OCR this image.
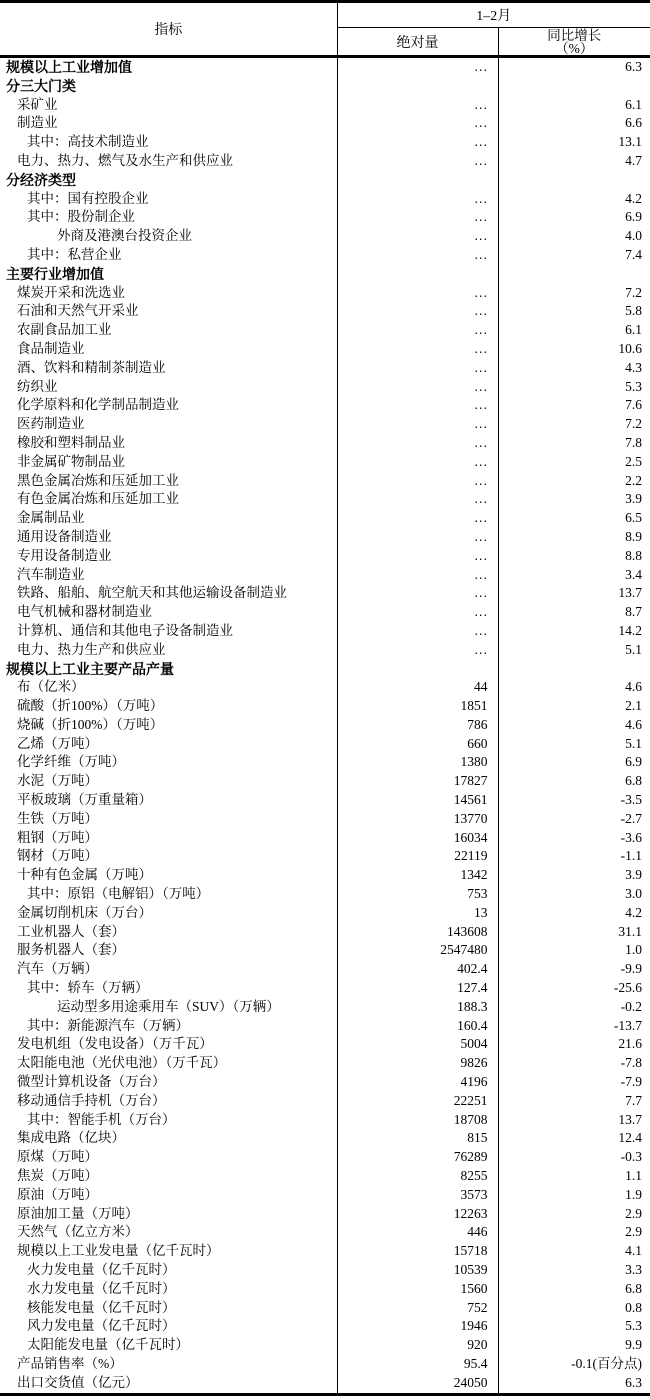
指标	1–2月	
	绝对量	同比增长
（%）

规模以上工业增加值	…	6.3
分三大门类		
采矿业	…	6.1
制造业	…	6.6
其中：高技术制造业	…	13.1
电力、热力、燃气及水生产和供应业	…	4.7
分经济类型		
其中：国有控股企业	…	4.2
其中：股份制企业	…	6.9
外商及港澳台投资企业	…	4.0
其中：私营企业	…	7.4
主要行业增加值		
煤炭开采和洗选业	…	7.2
石油和天然气开采业	…	5.8
农副食品加工业	…	6.1
食品制造业	…	10.6
酒、饮料和精制茶制造业	…	4.3
纺织业	…	5.3
化学原料和化学制品制造业	…	7.6
医药制造业	…	7.2
橡胶和塑料制品业	…	7.8
非金属矿物制品业	…	2.5
黑色金属冶炼和压延加工业	…	2.2
有色金属冶炼和压延加工业	…	3.9
金属制品业	…	6.5
通用设备制造业	…	8.9
专用设备制造业	…	8.8
汽车制造业	…	3.4
铁路、船舶、航空航天和其他运输设备制造业	…	13.7
电气机械和器材制造业	…	8.7
计算机、通信和其他电子设备制造业	…	14.2
电力、热力生产和供应业	…	5.1
规模以上工业主要产品产量		
布（亿米）	44	4.6
硫酸（折100%）（万吨）	1851	2.1
烧碱（折100%）（万吨）	786	4.6
乙烯（万吨）	660	5.1
化学纤维（万吨）	1380	6.9
水泥（万吨）	17827	6.8
平板玻璃（万重量箱）	14561	-3.5
生铁（万吨）	13770	-2.7
粗钢（万吨）	16034	-3.6
钢材（万吨）	22119	-1.1
十种有色金属（万吨）	1342	3.9
其中：原铝（电解铝）（万吨）	753	3.0
金属切削机床（万台）	13	4.2
工业机器人（套）	143608	31.1
服务机器人（套）	2547480	1.0
汽车（万辆）	402.4	-9.9
其中：轿车（万辆）	127.4	-25.6
运动型多用途乘用车（SUV）（万辆）	188.3	-0.2
其中：新能源汽车（万辆）	160.4	-13.7
发电机组（发电设备）（万千瓦）	5004	21.6
太阳能电池（光伏电池）（万千瓦）	9826	-7.8
微型计算机设备（万台）	4196	-7.9
移动通信手持机（万台）	22251	7.7
其中：智能手机（万台）	18708	13.7
集成电路（亿块）	815	12.4
原煤（万吨）	76289	-0.3
焦炭（万吨）	8255	1.1
原油（万吨）	3573	1.9
原油加工量（万吨）	12263	2.9
天然气（亿立方米）	446	2.9
规模以上工业发电量（亿千瓦时）	15718	4.1
火力发电量（亿千瓦时）	10539	3.3
水力发电量（亿千瓦时）	1560	6.8
核能发电量（亿千瓦时）	752	0.8
风力发电量（亿千瓦时）	1946	5.3
太阳能发电量（亿千瓦时）	920	9.9
产品销售率（%）	95.4	-0.1(百分点)
出口交货值（亿元）	24050	6.3
